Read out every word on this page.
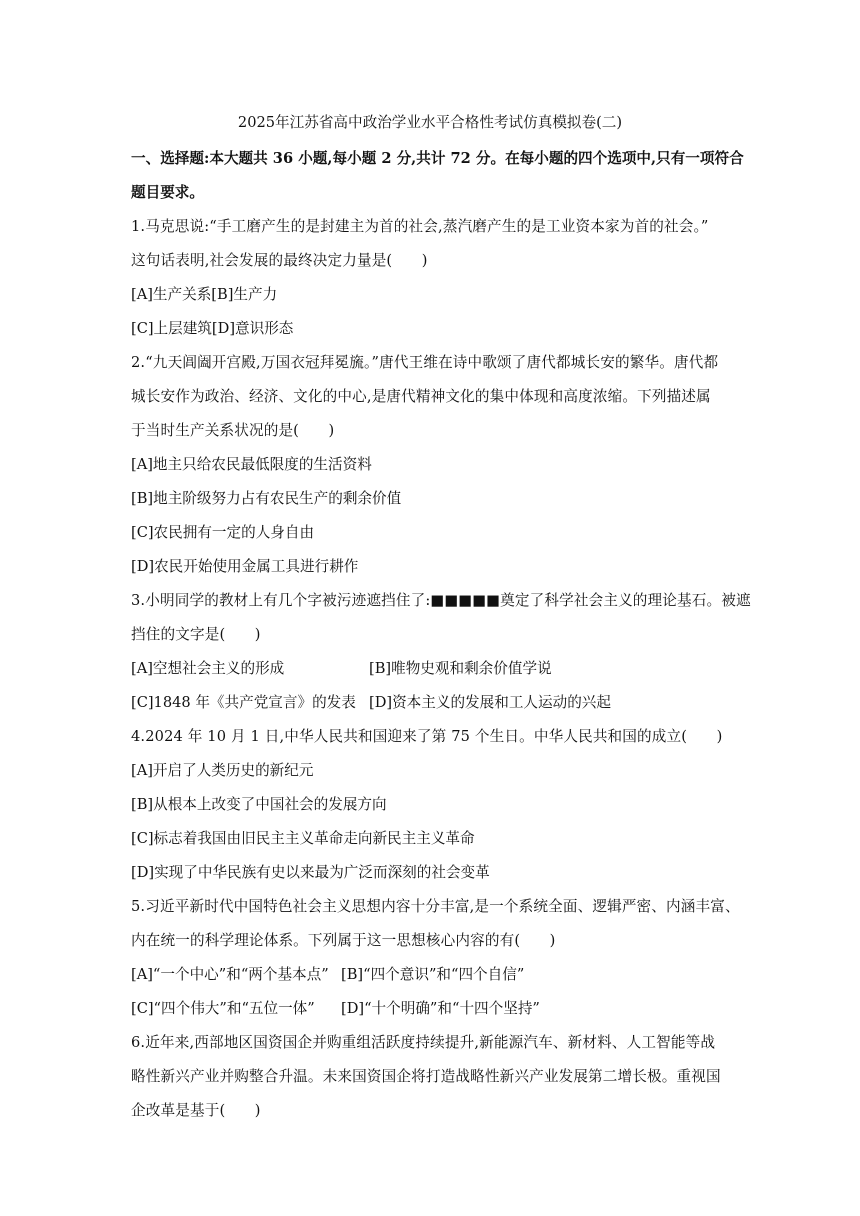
2025年江苏省高中政治学业水平合格性考试仿真模拟卷(二)
一、选择题:本大题共 36 小题,每小题 2 分,共计 72 分。在每小题的四个选项中,只有一项符合
题目要求。
1.马克思说:“手工磨产生的是封建主为首的社会,蒸汽磨产生的是工业资本家为首的社会。”
这句话表明,社会发展的最终决定力量是(　　)
[A]生产关系[B]生产力
[C]上层建筑[D]意识形态
2.“九天阊阖开宫殿,万国衣冠拜冕旒。”唐代王维在诗中歌颂了唐代都城长安的繁华。唐代都
城长安作为政治、经济、文化的中心,是唐代精神文化的集中体现和高度浓缩。下列描述属
于当时生产关系状况的是(　　)
[A]地主只给农民最低限度的生活资料
[B]地主阶级努力占有农民生产的剩余价值
[C]农民拥有一定的人身自由
[D]农民开始使用金属工具进行耕作
3.小明同学的教材上有几个字被污迹遮挡住了:■■■■■奠定了科学社会主义的理论基石。被遮
挡住的文字是(　　)
[A]空想社会主义的形成	[B]唯物史观和剩余价值学说
[C]1848 年《共产党宣言》的发表 [D]资本主义的发展和工人运动的兴起
4.2024 年 10 月 1 日,中华人民共和国迎来了第 75 个生日。中华人民共和国的成立(　　)
[A]开启了人类历史的新纪元
[B]从根本上改变了中国社会的发展方向
[C]标志着我国由旧民主主义革命走向新民主主义革命
[D]实现了中华民族有史以来最为广泛而深刻的社会变革
5.习近平新时代中国特色社会主义思想内容十分丰富,是一个系统全面、逻辑严密、内涵丰富、
内在统一的科学理论体系。下列属于这一思想核心内容的有(　　)
[A]“一个中心”和“两个基本点” [B]“四个意识”和“四个自信”
[C]“四个伟大”和“五位一体” [D]“十个明确”和“十四个坚持”
6.近年来,西部地区国资国企并购重组活跃度持续提升,新能源汽车、新材料、人工智能等战
略性新兴产业并购整合升温。未来国资国企将打造战略性新兴产业发展第二增长极。重视国
企改革是基于(　　)
